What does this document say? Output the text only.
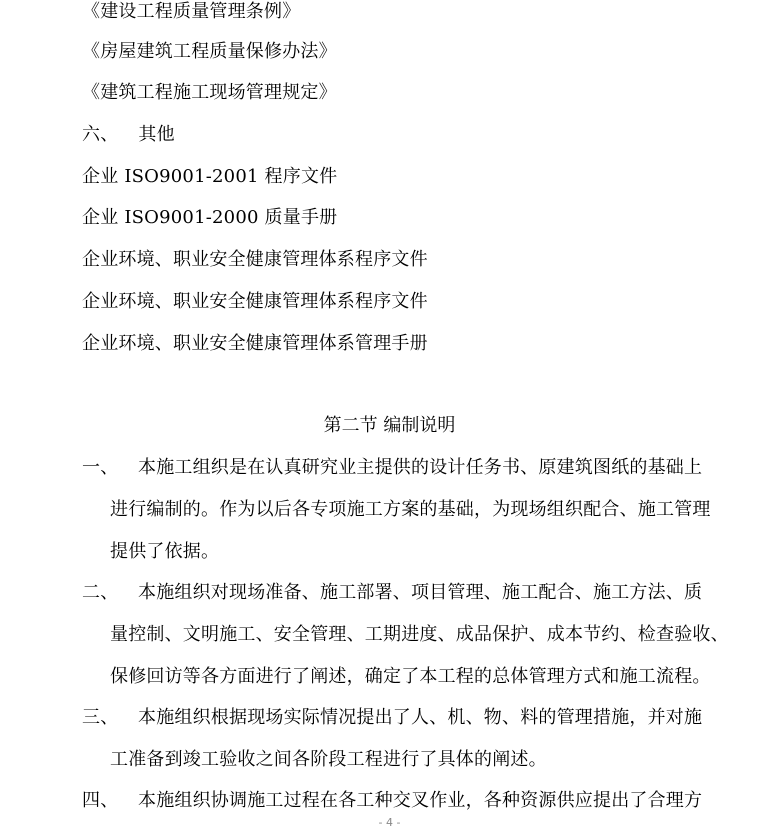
《建设工程质量管理条例》
《房屋建筑工程质量保修办法》
《建筑工程施工现场管理规定》
六、 其他
企业 ISO9001-2001 程序文件
企业 ISO9001-2000 质量手册
企业环境、职业安全健康管理体系程序文件
企业环境、职业安全健康管理体系程序文件
企业环境、职业安全健康管理体系管理手册
第二节 编制说明
一、 本施工组织是在认真研究业主提供的设计任务书、原建筑图纸的基础上
进行编制的。作为以后各专项施工方案的基础，为现场组织配合、施工管理
提供了依据。
二、 本施组织对现场准备、施工部署、项目管理、施工配合、施工方法、质
量控制、文明施工、安全管理、工期进度、成品保护、成本节约、检查验收、
保修回访等各方面进行了阐述，确定了本工程的总体管理方式和施工流程。
三、 本施组织根据现场实际情况提出了人、机、物、料的管理措施，并对施
工准备到竣工验收之间各阶段工程进行了具体的阐述。
四、 本施组织协调施工过程在各工种交叉作业，各种资源供应提出了合理方
- 4 -
